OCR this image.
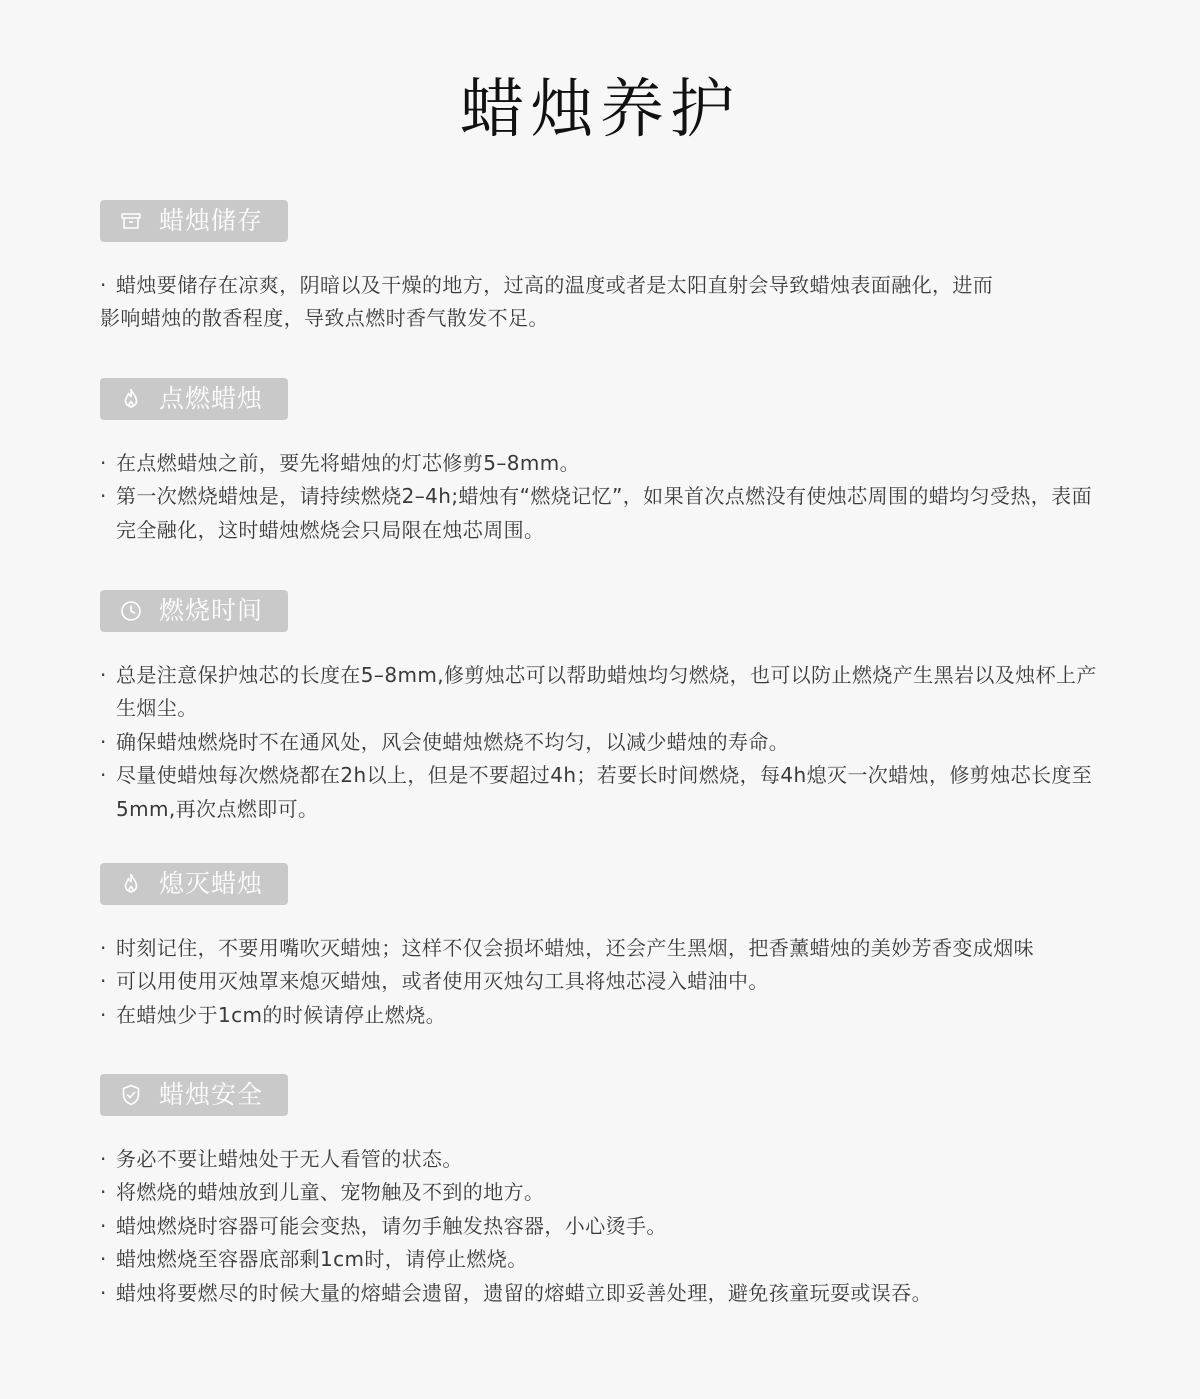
蜡烛养护
蜡烛储存
· 蜡烛要储存在凉爽，阴暗以及干燥的地方，过高的温度或者是太阳直射会导致蜡烛表面融化，进而
影响蜡烛的散香程度，导致点燃时香气散发不足。
点燃蜡烛
· 在点燃蜡烛之前，要先将蜡烛的灯芯修剪5–8mm。
· 第一次燃烧蜡烛是，请持续燃烧2–4h;蜡烛有“燃烧记忆”，如果首次点燃没有使烛芯周围的蜡均匀受热，表面完全融化，这时蜡烛燃烧会只局限在烛芯周围。
燃烧时间
· 总是注意保护烛芯的长度在5–8mm,修剪烛芯可以帮助蜡烛均匀燃烧，也可以防止燃烧产生黑岩以及烛杯上产生烟尘。
· 确保蜡烛燃烧时不在通风处，风会使蜡烛燃烧不均匀，以减少蜡烛的寿命。
· 尽量使蜡烛每次燃烧都在2h以上，但是不要超过4h；若要长时间燃烧，每4h熄灭一次蜡烛，修剪烛芯长度至5mm,再次点燃即可。
熄灭蜡烛
· 时刻记住，不要用嘴吹灭蜡烛；这样不仅会损坏蜡烛，还会产生黑烟，把香薰蜡烛的美妙芳香变成烟味
· 可以用使用灭烛罩来熄灭蜡烛，或者使用灭烛勾工具将烛芯浸入蜡油中。
· 在蜡烛少于1cm的时候请停止燃烧。
蜡烛安全
· 务必不要让蜡烛处于无人看管的状态。
· 将燃烧的蜡烛放到儿童、宠物触及不到的地方。
· 蜡烛燃烧时容器可能会变热，请勿手触发热容器，小心烫手。
· 蜡烛燃烧至容器底部剩1cm时，请停止燃烧。
· 蜡烛将要燃尽的时候大量的熔蜡会遗留，遗留的熔蜡立即妥善处理，避免孩童玩耍或误吞。
